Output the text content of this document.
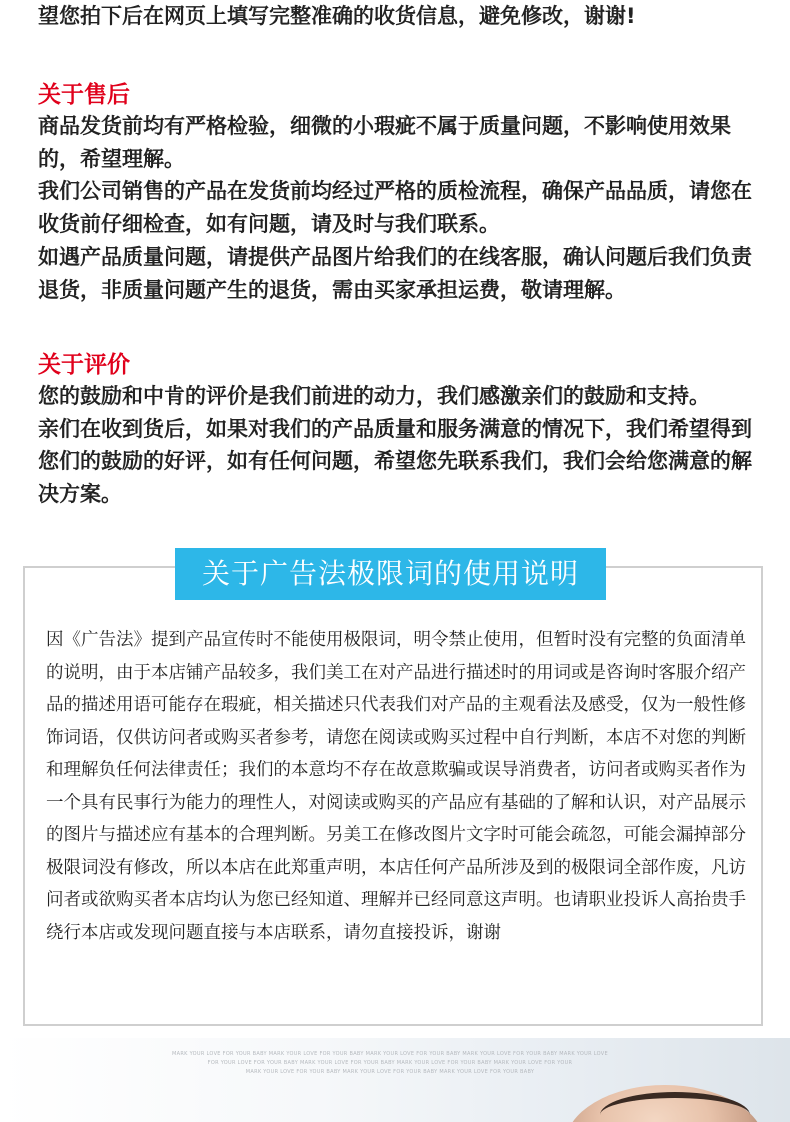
望您拍下后在网页上填写完整准确的收货信息，避免修改，谢谢!

关于售后

商品发货前均有严格检验，细微的小瑕疵不属于质量问题，不影响使用效果的，希望理解。

我们公司销售的产品在发货前均经过严格的质检流程，确保产品品质，请您在收货前仔细检查，如有问题，请及时与我们联系。

如遇产品质量问题，请提供产品图片给我们的在线客服，确认问题后我们负责退货，非质量问题产生的退货，需由买家承担运费，敬请理解。

关于评价

您的鼓励和中肯的评价是我们前进的动力，我们感激亲们的鼓励和支持。

亲们在收到货后，如果对我们的产品质量和服务满意的情况下，我们希望得到您们的鼓励的好评，如有任何问题，希望您先联系我们，我们会给您满意的解决方案。

关于广告法极限词的使用说明
因《广告法》提到产品宣传时不能使用极限词，明令禁止使用，但暂时没有完整的负面清单的说明，由于本店铺产品较多，我们美工在对产品进行描述时的用词或是咨询时客服介绍产品的描述用语可能存在瑕疵，相关描述只代表我们对产品的主观看法及感受，仅为一般性修饰词语，仅供访问者或购买者参考，请您在阅读或购买过程中自行判断，本店不对您的判断和理解负任何法律责任；我们的本意均不存在故意欺骗或误导消费者，访问者或购买者作为一个具有民事行为能力的理性人，对阅读或购买的产品应有基础的了解和认识，对产品展示的图片与描述应有基本的合理判断。另美工在修改图片文字时可能会疏忽，可能会漏掉部分极限词没有修改，所以本店在此郑重声明，本店任何产品所涉及到的极限词全部作废，凡访问者或欲购买者本店均认为您已经知道、理解并已经同意这声明。也请职业投诉人高抬贵手绕行本店或发现问题直接与本店联系，请勿直接投诉，谢谢
MARK YOUR LOVE FOR YOUR BABY MARK YOUR LOVE FOR YOUR BABY MARK YOUR LOVE FOR YOUR BABY MARK YOUR LOVE FOR YOUR BABY MARK YOUR LOVE
FOR YOUR LOVE FOR YOUR BABY MARK YOUR LOVE FOR YOUR BABY MARK YOUR LOVE FOR YOUR BABY MARK YOUR LOVE FOR YOUR
MARK YOUR LOVE FOR YOUR BABY MARK YOUR LOVE FOR YOUR BABY MARK YOUR LOVE FOR YOUR BABY
